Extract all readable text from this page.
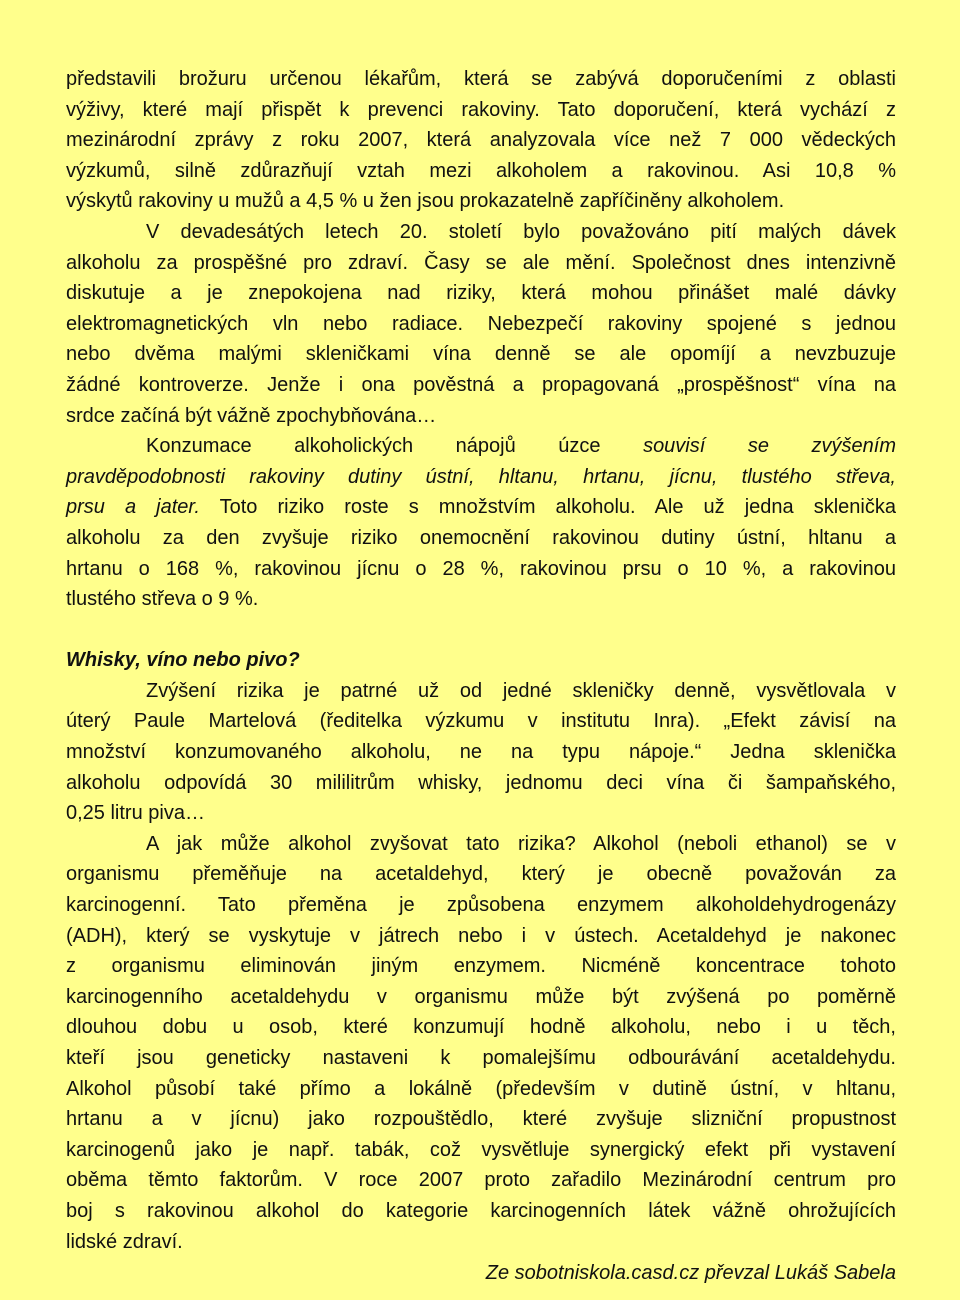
představili brožuru určenou lékařům, která se zabývá doporučeními z oblasti
výživy, které mají přispět k prevenci rakoviny. Tato doporučení, která vychází z
mezinárodní zprávy z roku 2007, která analyzovala více než 7 000 vědeckých
výzkumů, silně zdůrazňují vztah mezi alkoholem a rakovinou. Asi 10,8 %
výskytů rakoviny u mužů a 4,5 % u žen jsou prokazatelně zapříčiněny alkoholem.
V devadesátých letech 20. století bylo považováno pití malých dávek
alkoholu za prospěšné pro zdraví. Časy se ale mění. Společnost dnes intenzivně
diskutuje a je znepokojena nad riziky, která mohou přinášet malé dávky
elektromagnetických vln nebo radiace. Nebezpečí rakoviny spojené s jednou
nebo dvěma malými skleničkami vína denně se ale opomíjí a nevzbuzuje
žádné kontroverze. Jenže i ona pověstná a propagovaná „prospěšnost“ vína na
srdce začíná být vážně zpochybňována…
Konzumace alkoholických nápojů úzce souvisí se zvýšením
pravděpodobnosti rakoviny dutiny ústní, hltanu, hrtanu, jícnu, tlustého střeva,
prsu a jater. Toto riziko roste s množstvím alkoholu. Ale už jedna sklenička
alkoholu za den zvyšuje riziko onemocnění rakovinou dutiny ústní, hltanu a
hrtanu o 168 %, rakovinou jícnu o 28 %, rakovinou prsu o 10 %, a rakovinou
tlustého střeva o 9 %.
Whisky, víno nebo pivo?
Zvýšení rizika je patrné už od jedné skleničky denně, vysvětlovala v
úterý Paule Martelová (ředitelka výzkumu v institutu Inra). „Efekt závisí na
množství konzumovaného alkoholu, ne na typu nápoje.“ Jedna sklenička
alkoholu odpovídá 30 mililitrům whisky, jednomu deci vína či šampaňského,
0,25 litru piva…
A jak může alkohol zvyšovat tato rizika? Alkohol (neboli ethanol) se v
organismu přeměňuje na acetaldehyd, který je obecně považován za
karcinogenní. Tato přeměna je způsobena enzymem alkoholdehydrogenázy
(ADH), který se vyskytuje v játrech nebo i v ústech. Acetaldehyd je nakonec
z organismu eliminován jiným enzymem. Nicméně koncentrace tohoto
karcinogenního acetaldehydu v organismu může být zvýšená po poměrně
dlouhou dobu u osob, které konzumují hodně alkoholu, nebo i u těch,
kteří jsou geneticky nastaveni k pomalejšímu odbourávání acetaldehydu.
Alkohol působí také přímo a lokálně (především v dutině ústní, v hltanu,
hrtanu a v jícnu) jako rozpouštědlo, které zvyšuje slizniční propustnost
karcinogenů jako je např. tabák, což vysvětluje synergický efekt při vystavení
oběma těmto faktorům. V roce 2007 proto zařadilo Mezinárodní centrum pro
boj s rakovinou alkohol do kategorie karcinogenních látek vážně ohrožujících
lidské zdraví.
Ze sobotniskola.casd.cz převzal Lukáš Sabela
